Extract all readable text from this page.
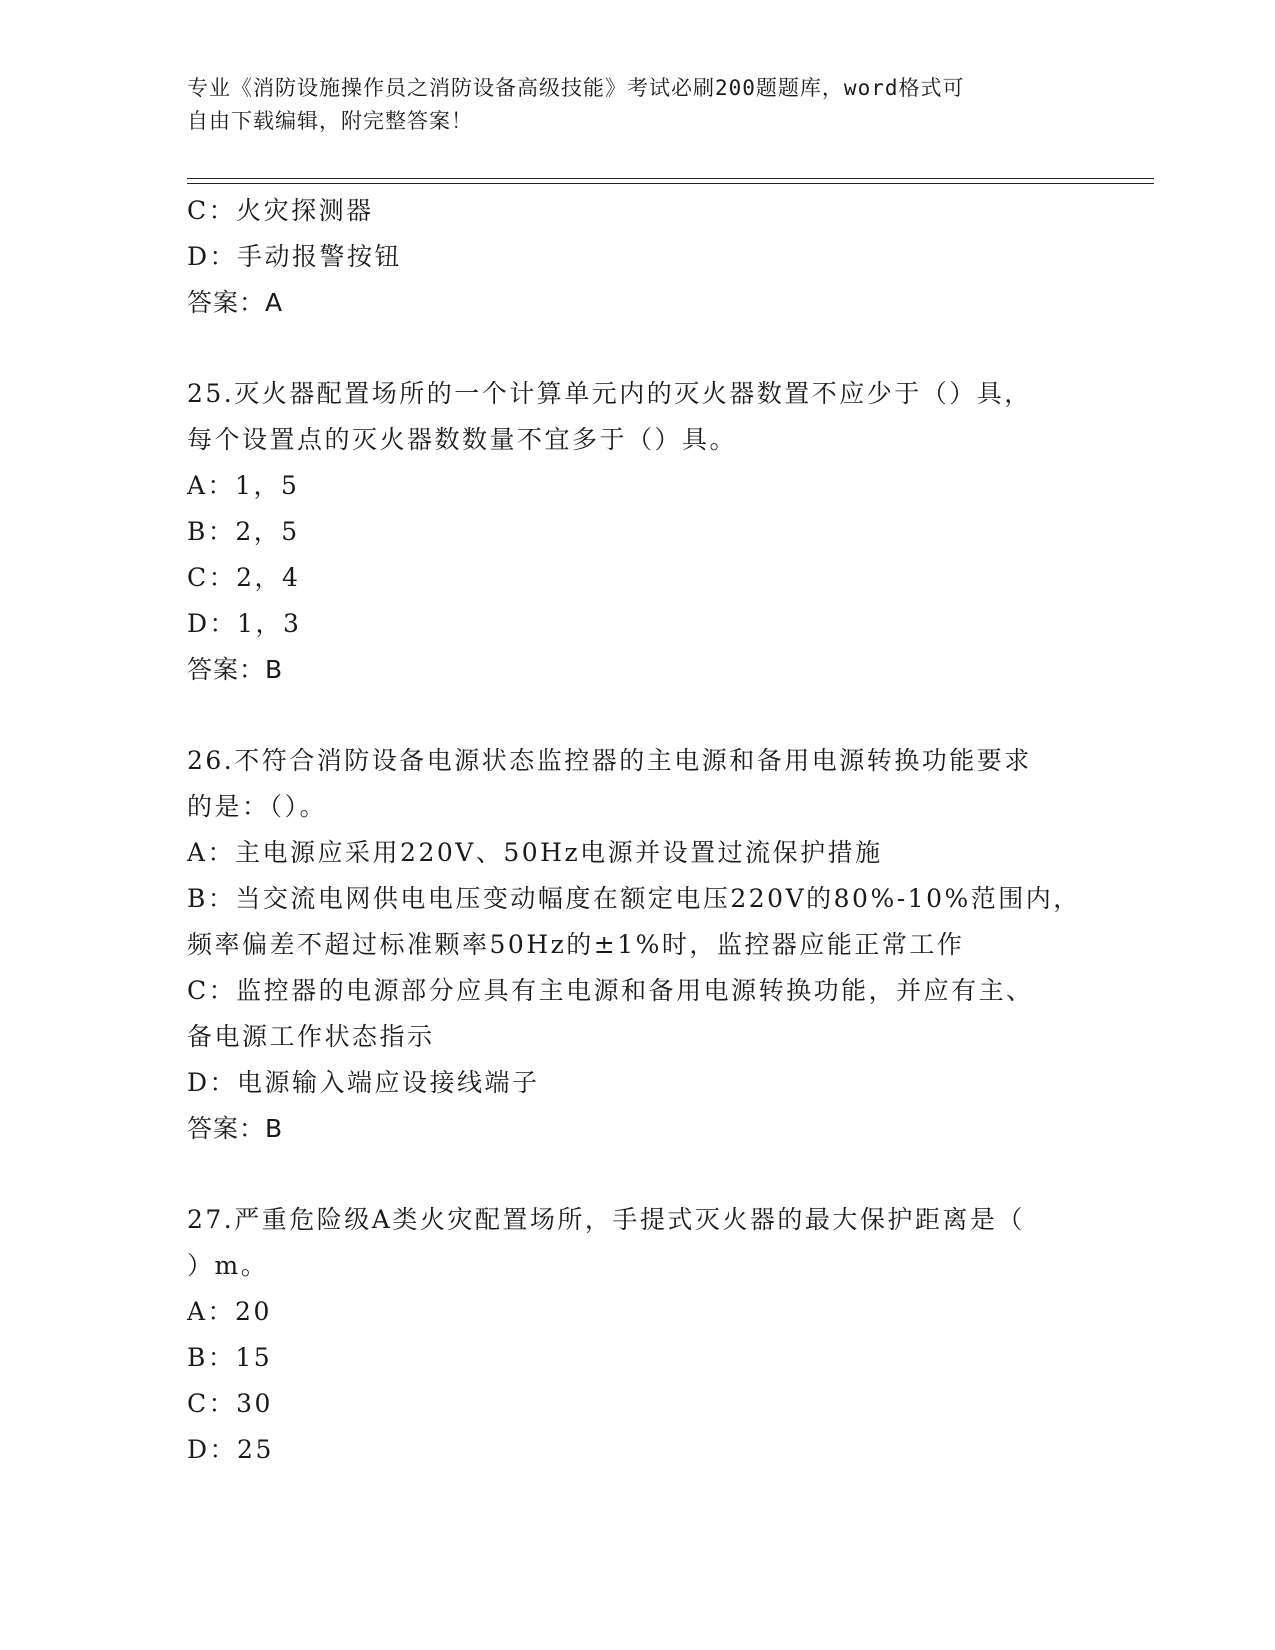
专业《消防设施操作员之消防设备高级技能》考试必刷200题题库，word格式可
自由下载编辑，附完整答案！
C：火灾探测器
D：手动报警按钮
答案：A
25.灭火器配置场所的一个计算单元内的灭火器数置不应少于（）具，
每个设置点的灭火器数数量不宜多于（）具。
A：1，5
B：2，5
C：2，4
D：1，3
答案：B
26.不符合消防设备电源状态监控器的主电源和备用电源转换功能要求
的是：（）。
A：主电源应采用220V、50Hz电源并设置过流保护措施
B：当交流电网供电电压变动幅度在额定电压220V的80%-10%范围内，
频率偏差不超过标准颗率50Hz的±1%时，监控器应能正常工作
C：监控器的电源部分应具有主电源和备用电源转换功能，并应有主、
备电源工作状态指示
D：电源输入端应设接线端子
答案：B
27.严重危险级A类火灾配置场所，手提式灭火器的最大保护距离是（
）m。
A：20
B：15
C：30
D：25
